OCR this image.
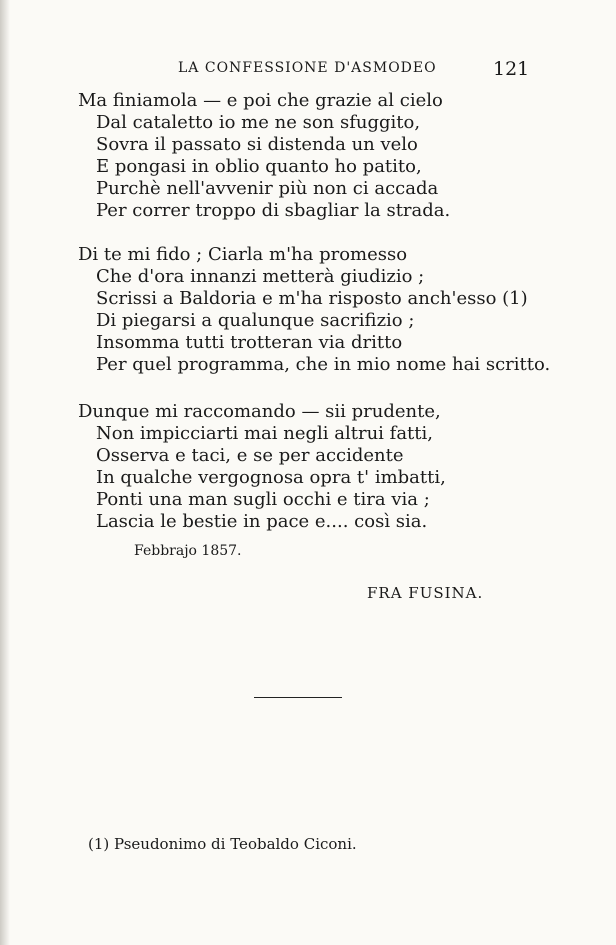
LA CONFESSIONE D'ASMODEO	121
Ma finiamola — e poi che grazie al cielo
Dal cataletto io me ne son sfuggito,
Sovra il passato si distenda un velo
E pongasi in oblio quanto ho patito,
Purchè nell'avvenir più non ci accada
Per correr troppo di sbagliar la strada.
Di te mi fido ; Ciarla m'ha promesso
Che d'ora innanzi metterà giudizio ;
Scrissi a Baldoria e m'ha risposto anch'esso (1)
Di piegarsi a qualunque sacrifizio ;
Insomma tutti trotteran via dritto
Per quel programma, che in mio nome hai scritto.
Dunque mi raccomando — sii prudente,
Non impicciarti mai negli altrui fatti,
Osserva e taci, e se per accidente
In qualche vergognosa opra t' imbatti,
Ponti una man sugli occhi e tira via ;
Lascia le bestie in pace e.... così sia.
Febbrajo 1857.
FRA FUSINA.
(1) Pseudonimo di Teobaldo Ciconi.
